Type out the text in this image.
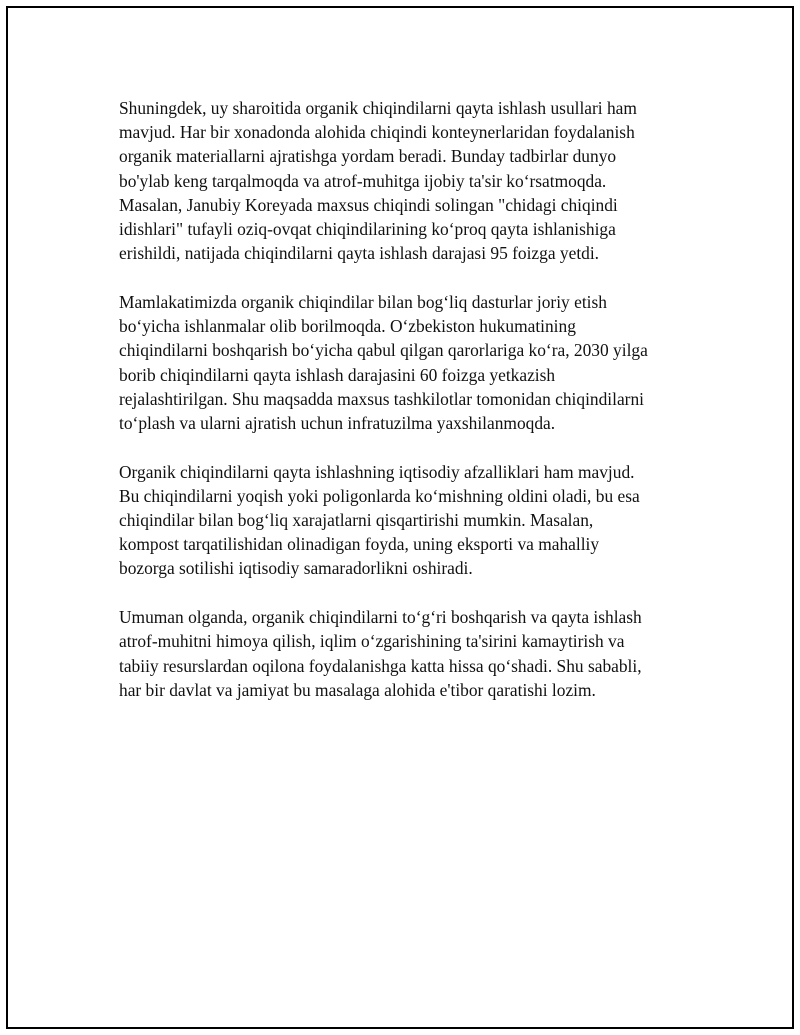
Shuningdek, uy sharoitida organik chiqindilarni qayta ishlash usullari ham
mavjud. Har bir xonadonda alohida chiqindi konteynerlaridan foydalanish
organik materiallarni ajratishga yordam beradi. Bunday tadbirlar dunyo
bo'ylab keng tarqalmoqda va atrof-muhitga ijobiy ta'sir ko‘rsatmoqda.
Masalan, Janubiy Koreyada maxsus chiqindi solingan "chidagi chiqindi
idishlari" tufayli oziq-ovqat chiqindilarining ko‘proq qayta ishlanishiga
erishildi, natijada chiqindilarni qayta ishlash darajasi 95 foizga yetdi.

Mamlakatimizda organik chiqindilar bilan bog‘liq dasturlar joriy etish
bo‘yicha ishlanmalar olib borilmoqda. O‘zbekiston hukumatining
chiqindilarni boshqarish bo‘yicha qabul qilgan qarorlariga ko‘ra, 2030 yilga
borib chiqindilarni qayta ishlash darajasini 60 foizga yetkazish
rejalashtirilgan. Shu maqsadda maxsus tashkilotlar tomonidan chiqindilarni
to‘plash va ularni ajratish uchun infratuzilma yaxshilanmoqda.

Organik chiqindilarni qayta ishlashning iqtisodiy afzalliklari ham mavjud.
Bu chiqindilarni yoqish yoki poligonlarda ko‘mishning oldini oladi, bu esa
chiqindilar bilan bog‘liq xarajatlarni qisqartirishi mumkin. Masalan,
kompost tarqatilishidan olinadigan foyda, uning eksporti va mahalliy
bozorga sotilishi iqtisodiy samaradorlikni oshiradi.

Umuman olganda, organik chiqindilarni to‘g‘ri boshqarish va qayta ishlash
atrof-muhitni himoya qilish, iqlim o‘zgarishining ta'sirini kamaytirish va
tabiiy resurslardan oqilona foydalanishga katta hissa qo‘shadi. Shu sababli,
har bir davlat va jamiyat bu masalaga alohida e'tibor qaratishi lozim.
